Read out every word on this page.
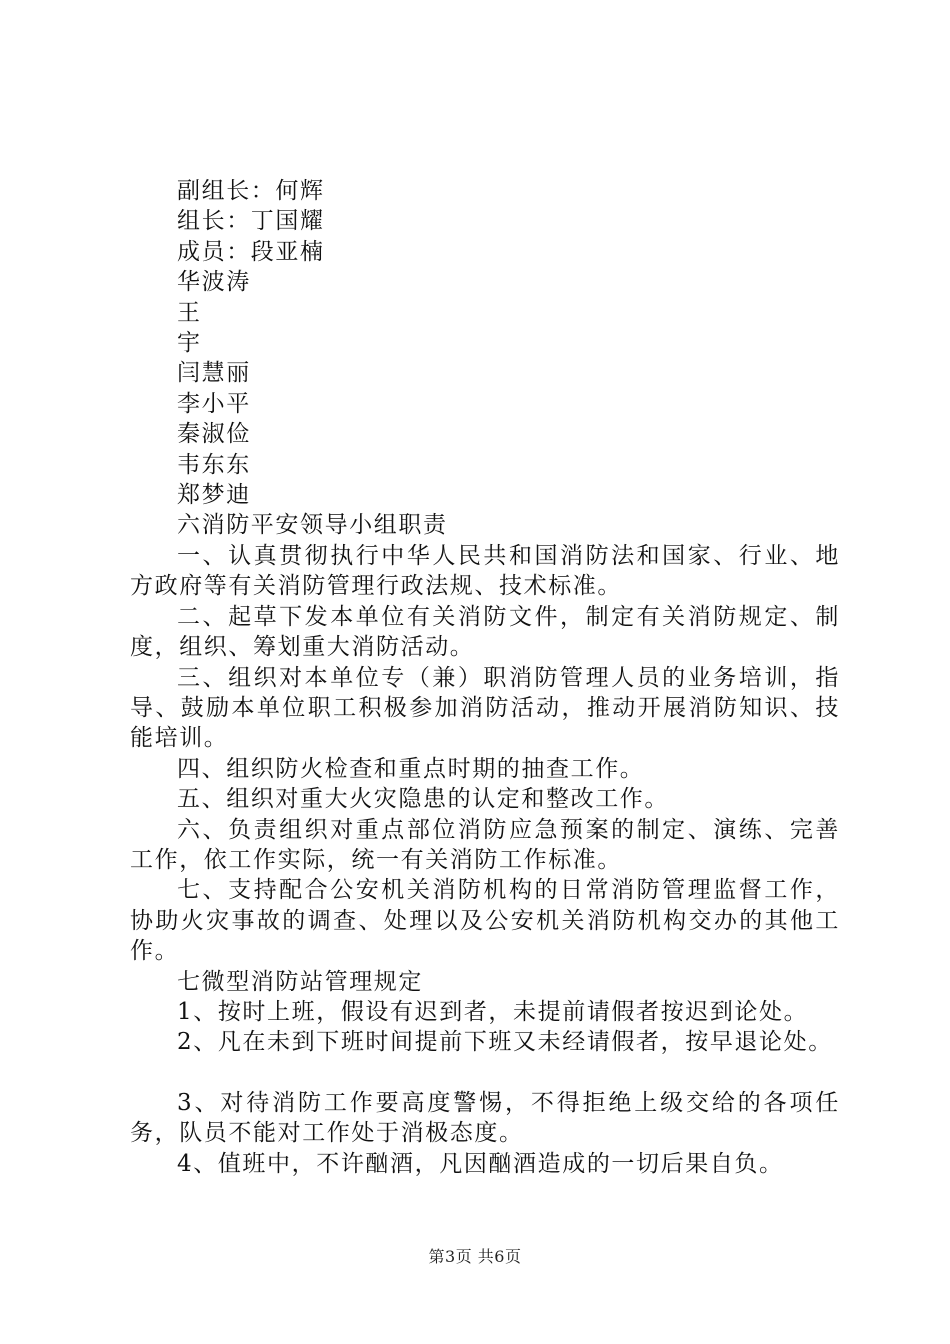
副组长：何辉
组长：丁国耀
成员：段亚楠
华波涛
王
宇
闫慧丽
李小平
秦淑俭
韦东东
郑梦迪

六消防平安领导小组职责

一、认真贯彻执行中华人民共和国消防法和国家、行业、地方政府等有关消防管理行政法规、技术标准。

二、起草下发本单位有关消防文件，制定有关消防规定、制度，组织、筹划重大消防活动。

三、组织对本单位专（兼）职消防管理人员的业务培训，指导、鼓励本单位职工积极参加消防活动，推动开展消防知识、技能培训。

四、组织防火检查和重点时期的抽查工作。

五、组织对重大火灾隐患的认定和整改工作。

六、负责组织对重点部位消防应急预案的制定、演练、完善工作，依工作实际，统一有关消防工作标准。

七、支持配合公安机关消防机构的日常消防管理监督工作，协助火灾事故的调查、处理以及公安机关消防机构交办的其他工作。

七微型消防站管理规定

1、按时上班，假设有迟到者，未提前请假者按迟到论处。

2、凡在未到下班时间提前下班又未经请假者，按早退论处。

3、对待消防工作要高度警惕，不得拒绝上级交给的各项任务，队员不能对工作处于消极态度。

4、值班中，不许酗酒，凡因酗酒造成的一切后果自负。

第3页 共6页
